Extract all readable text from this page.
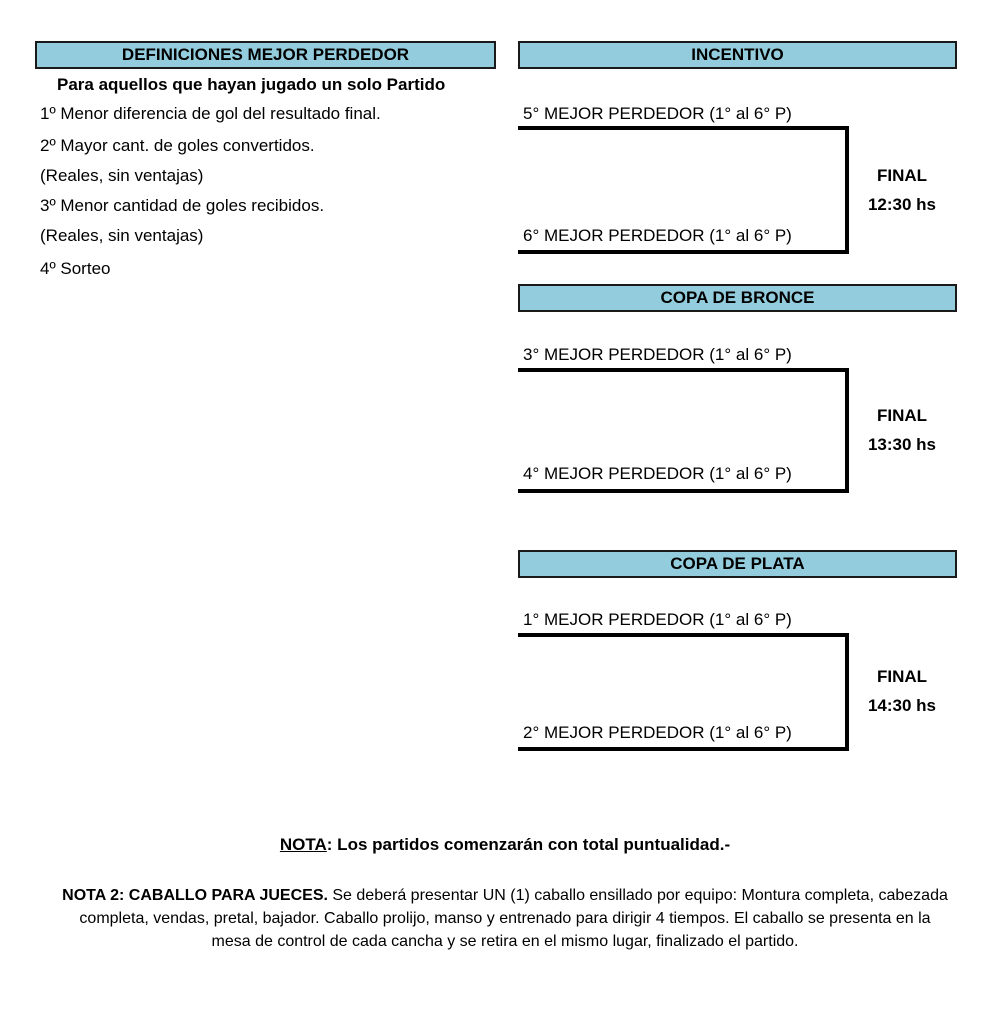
DEFINICIONES MEJOR PERDEDOR
Para aquellos que hayan jugado un solo Partido
1º Menor diferencia de gol del resultado final.
2º Mayor cant. de goles convertidos.
(Reales, sin ventajas)
3º Menor cantidad de goles recibidos.
(Reales, sin ventajas)
4º Sorteo
INCENTIVO
5° MEJOR PERDEDOR (1° al 6° P)
6° MEJOR PERDEDOR (1° al 6° P)
FINAL
12:30 hs
COPA DE BRONCE
3° MEJOR PERDEDOR (1° al 6° P)
4° MEJOR PERDEDOR (1° al 6° P)
FINAL
13:30 hs
COPA DE PLATA
1° MEJOR PERDEDOR (1° al 6° P)
2° MEJOR PERDEDOR (1° al 6° P)
FINAL
14:30 hs
NOTA: Los partidos comenzarán con total puntualidad.-
NOTA 2: CABALLO PARA JUECES. Se deberá presentar UN (1) caballo ensillado por equipo: Montura completa, cabezada completa, vendas, pretal, bajador. Caballo prolijo, manso y entrenado para dirigir 4 tiempos. El caballo se presenta en la mesa de control de cada cancha y se retira en el mismo lugar, finalizado el partido.
